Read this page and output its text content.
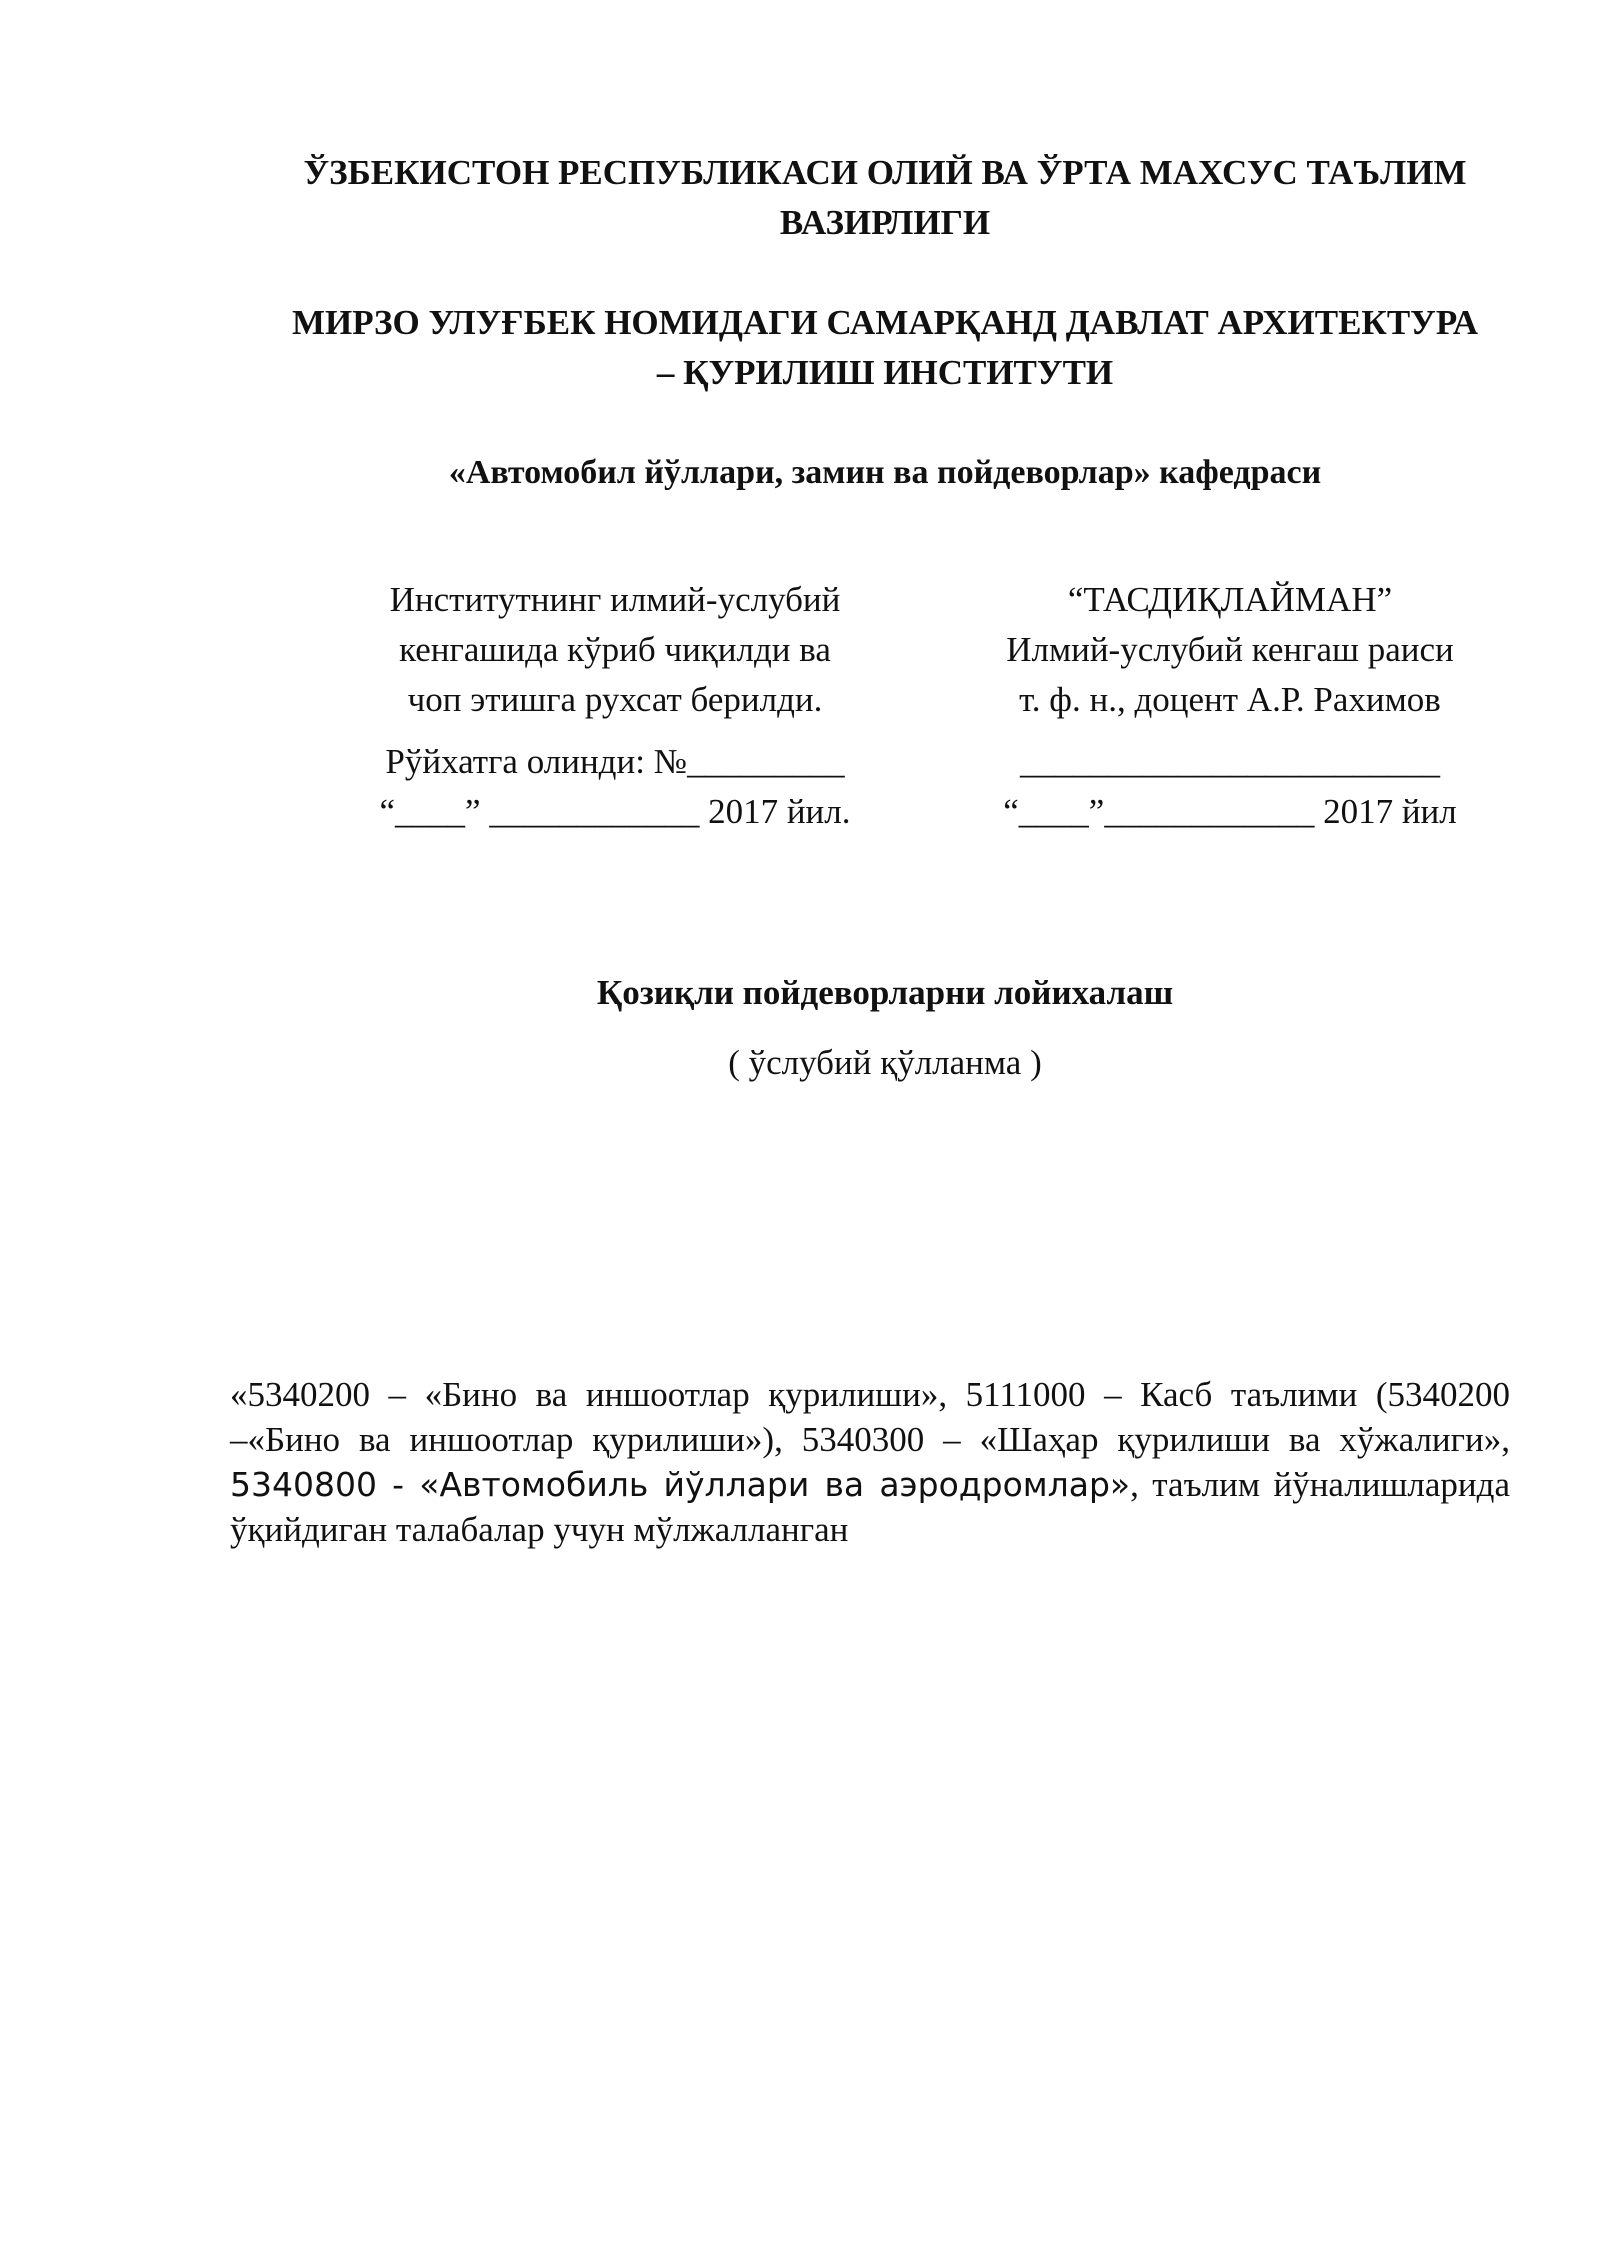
ЎЗБЕКИСТОН РЕСПУБЛИКАСИ ОЛИЙ ВА ЎРТА МАХСУС ТАЪЛИМ
ВАЗИРЛИГИ
МИРЗО УЛУҒБЕК НОМИДАГИ САМАРҚАНД ДАВЛАТ АРХИТЕКТУРА
– ҚУРИЛИШ ИНСТИТУТИ
«Автомобил йўллари, замин ва пойдеворлар» кафедраси
Институтнинг илмий-услубий
кенгашида кўриб чиқилди ва
чоп этишга рухсат берилди.
Рўйхатга олинди: №_________
“____” ____________ 2017 йил.
“ТАСДИҚЛАЙМАН”
Илмий-услубий кенгаш раиси
т. ф. н., доцент А.Р. Рахимов
________________________
“____”____________ 2017 йил
Қозиқли пойдеворларни лойихалаш
( ўслубий қўлланма )
«5340200 – «Бино ва иншоотлар қурилиши», 5111000 – Касб таълими (5340200 –«Бино ва иншоотлар қурилиши»), 5340300 – «Шаҳар қурилиши ва хўжалиги», 5340800 - «Автомобиль йўллари ва аэродромлар», таълим йўналишларида ўқийдиган талабалар учун мўлжалланган
